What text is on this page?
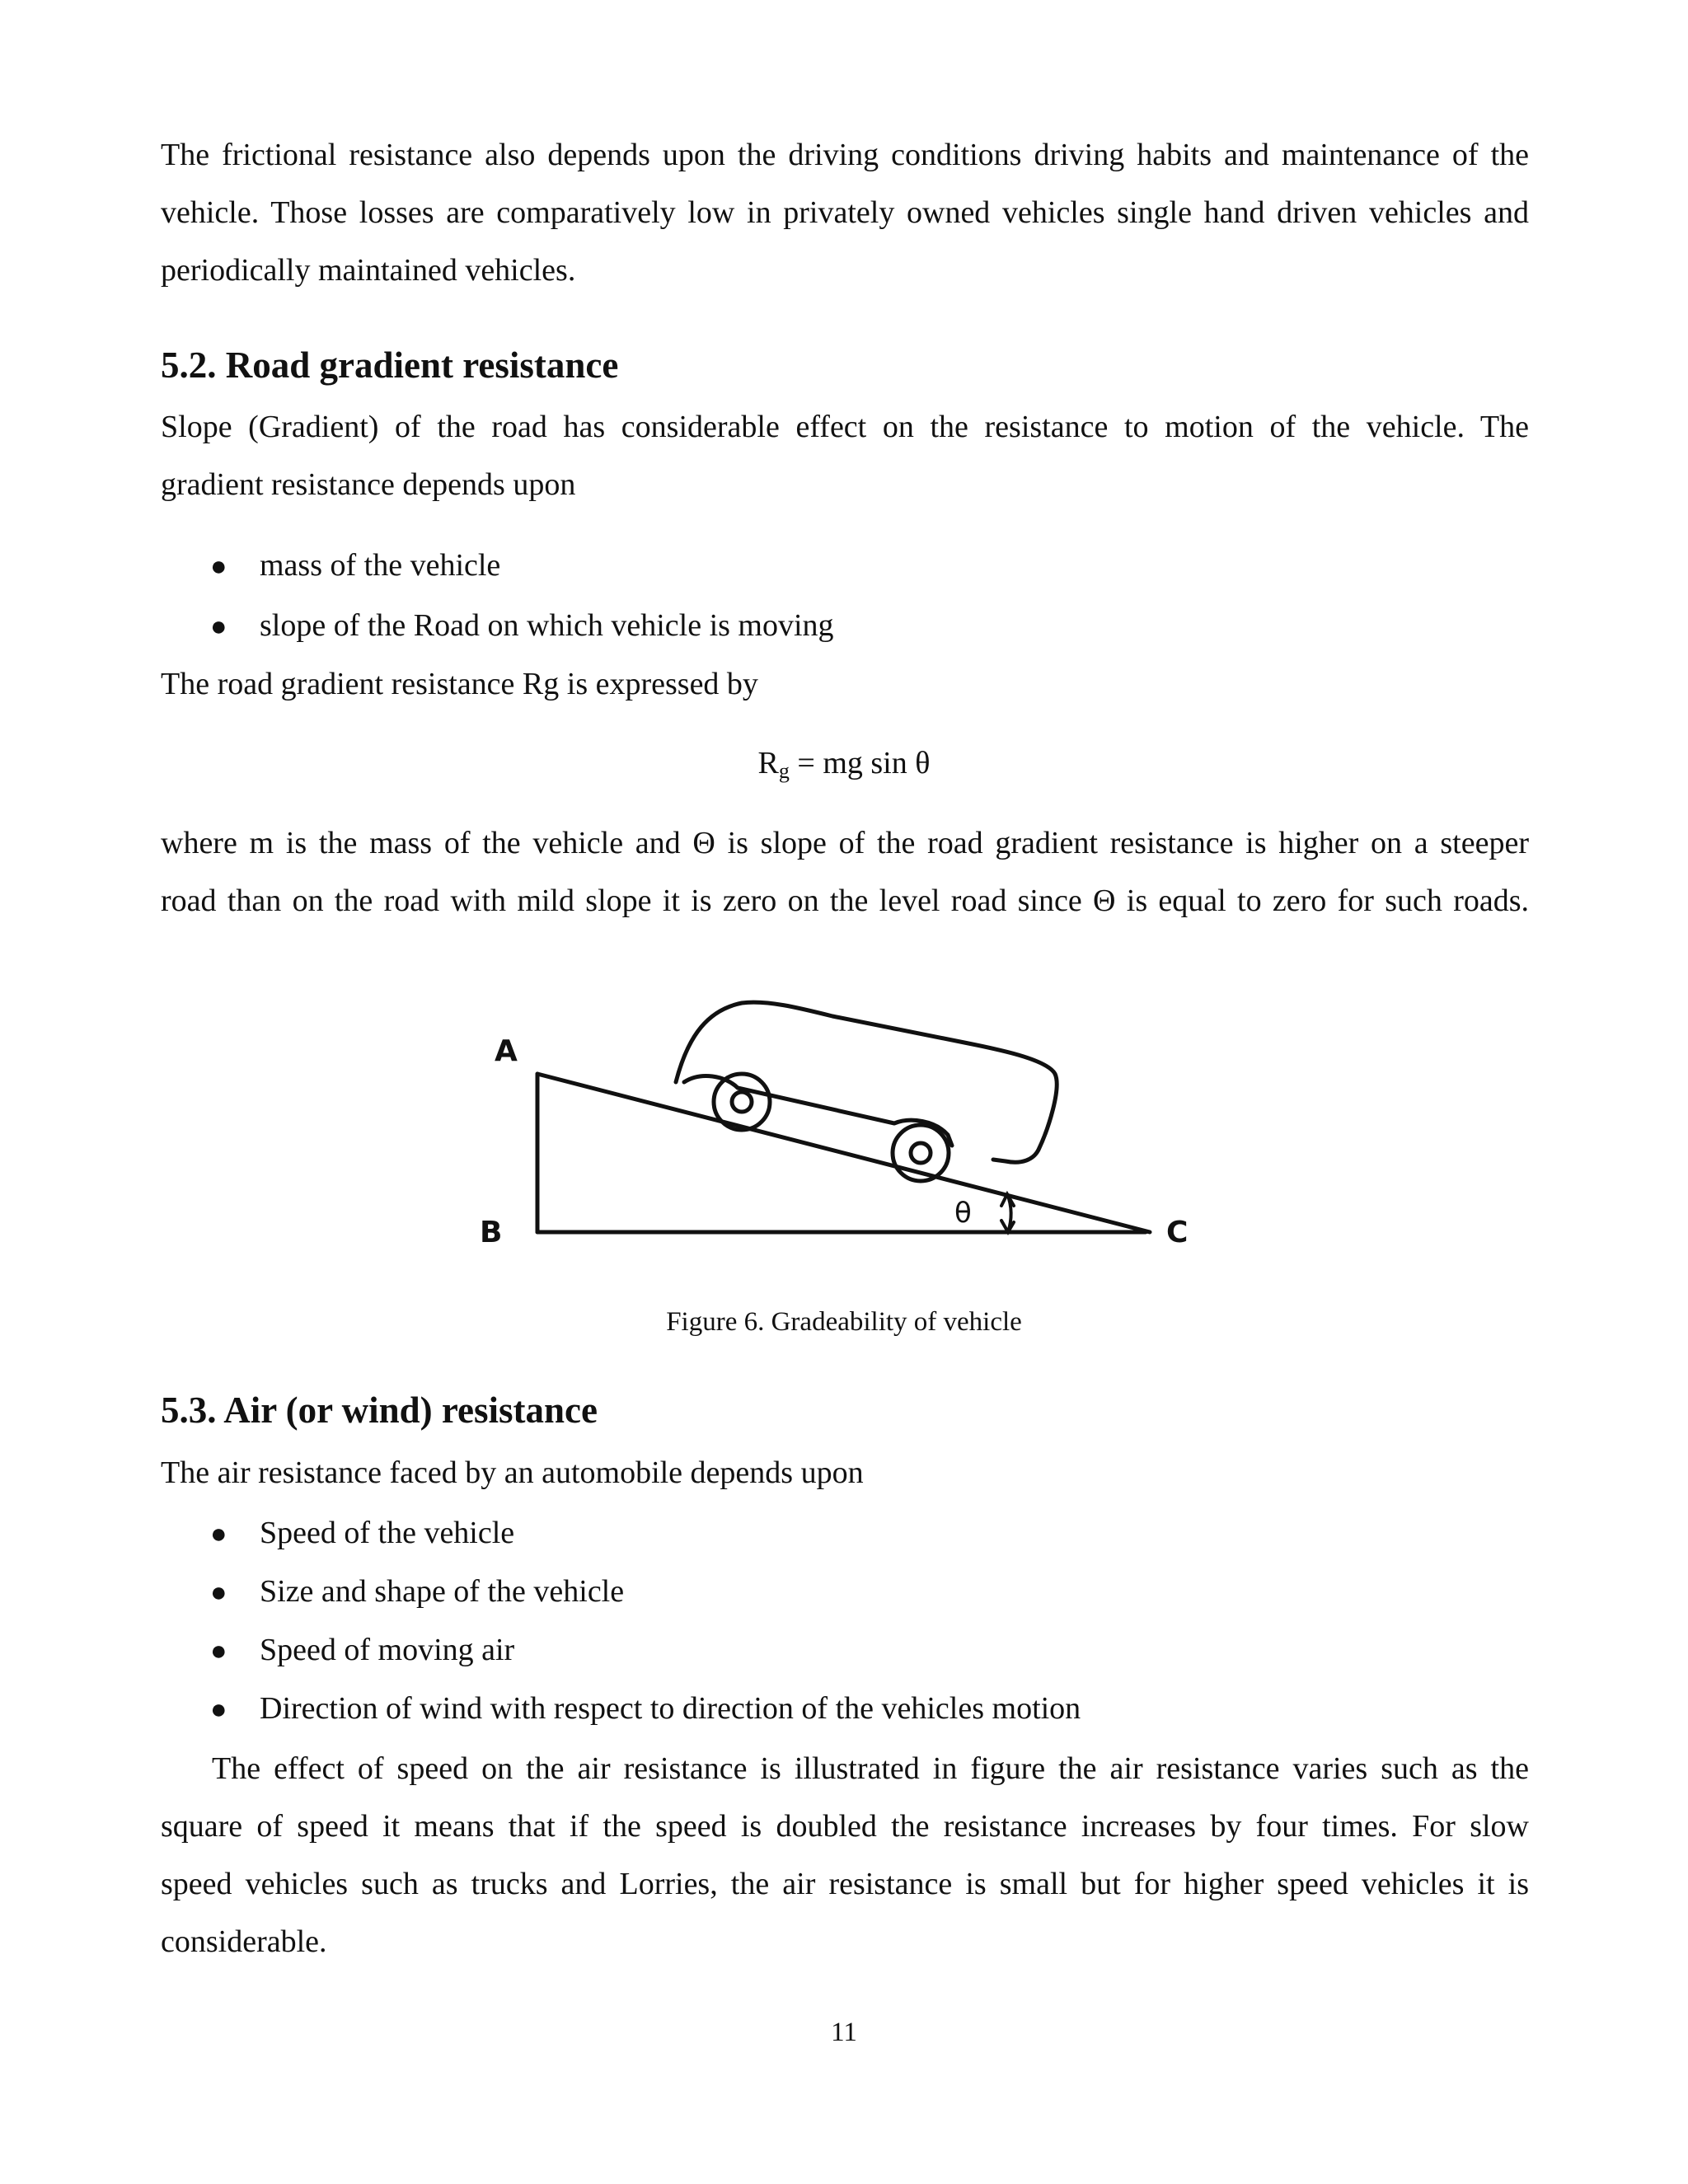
The frictional resistance also depends upon the driving conditions driving habits and maintenance of the
vehicle. Those losses are comparatively low in privately owned vehicles single hand driven vehicles and
periodically maintained vehicles.
5.2. Road gradient resistance
Slope (Gradient) of the road has considerable effect on the resistance to motion of the vehicle. The
gradient resistance depends upon
● mass of the vehicle
● slope of the Road on which vehicle is moving
The road gradient resistance Rg is expressed by
$R_g$ = mg sin θ
where m is the mass of the vehicle and Θ is slope of the road gradient resistance is higher on a steeper
road than on the road with mild slope it is zero on the level road since Θ is equal to zero for such roads.
A
B	C
θ
Figure 6. Gradeability of vehicle
5.3. Air (or wind) resistance
The air resistance faced by an automobile depends upon
● Speed of the vehicle
● Size and shape of the vehicle
● Speed of moving air
● Direction of wind with respect to direction of the vehicles motion
The effect of speed on the air resistance is illustrated in figure the air resistance varies such as the
square of speed it means that if the speed is doubled the resistance increases by four times. For slow
speed vehicles such as trucks and Lorries, the air resistance is small but for higher speed vehicles it is
considerable.
11
